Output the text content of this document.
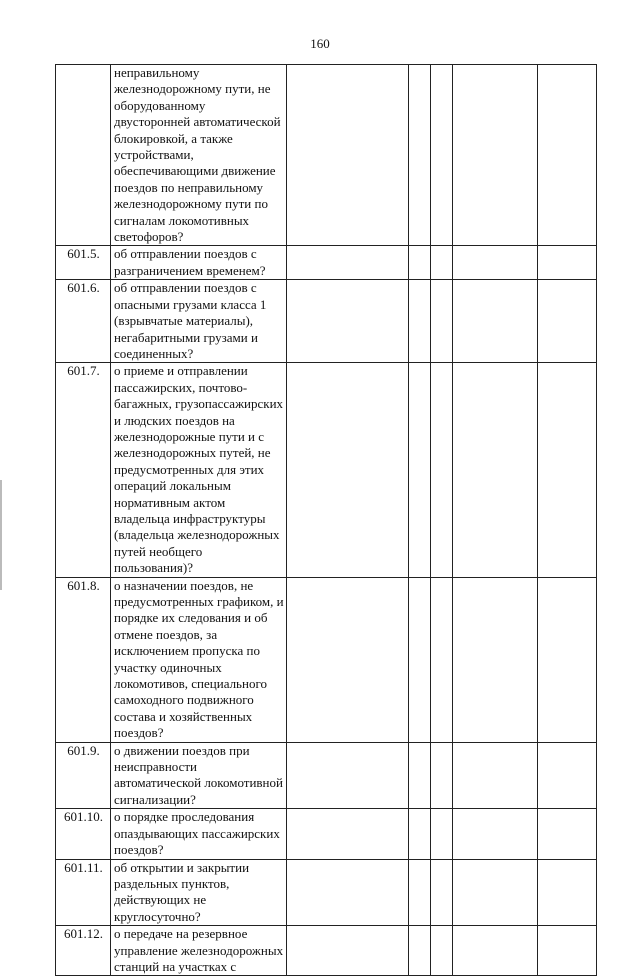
160
	неправильному железнодорожному пути, не оборудованному двусторонней автоматической блокировкой, а также устройствами, обеспечивающими движение поездов по неправильному железнодорожному пути по сигналам локомотивных светофоров?					
601.5.	об отправлении поездов с разграничением временем?					
601.6.	об отправлении поездов с опасными грузами класса 1 (взрывчатые материалы), негабаритными грузами и соединенных?					
601.7.	о приеме и отправлении пассажирских, почтово-багажных, грузопассажирских и людских поездов на железнодорожные пути и с железнодорожных путей, не предусмотренных для этих операций локальным нормативным актом владельца инфраструктуры (владельца железнодорожных путей необщего пользования)?					
601.8.	о назначении поездов, не предусмотренных графиком, и порядке их следования и об отмене поездов, за исключением пропуска по участку одиночных локомотивов, специального самоходного подвижного состава и хозяйственных поездов?					
601.9.	о движении поездов при неисправности автоматической локомотивной сигнализации?					
601.10.	о порядке проследования опаздывающих пассажирских поездов?					
601.11.	об открытии и закрытии раздельных пунктов, действующих не круглосуточно?					
601.12.	о передаче на резервное управление железнодорожных станций на участках с					
